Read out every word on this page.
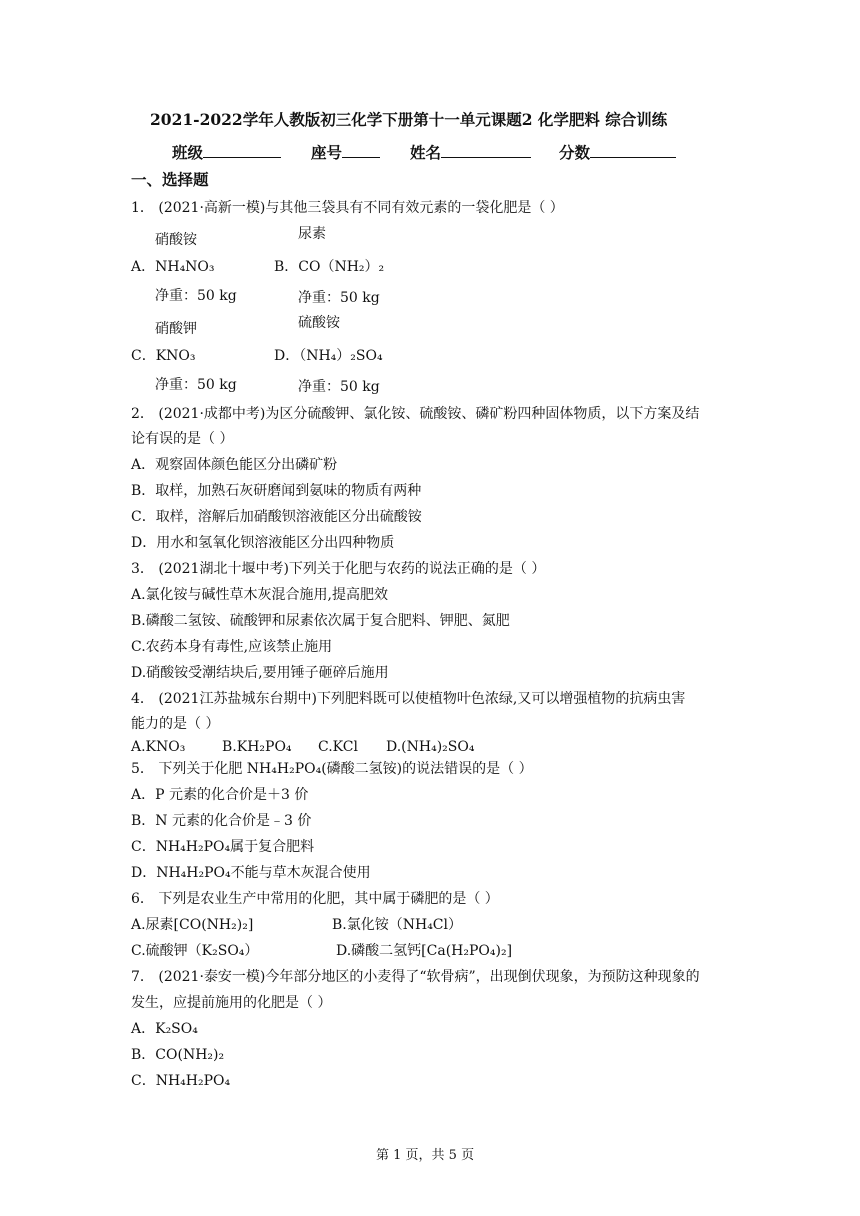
2021-2022学年人教版初三化学下册第十一单元课题2 化学肥料 综合训练
班级	座号	姓名	分数
一、选择题
1． (2021·高新一模)与其他三袋具有不同有效元素的一袋化肥是（ ）
硝酸铵	尿素
A．NH₄NO₃	B．CO（NH₂）₂
净重：50 kg	净重：50 kg
硝酸钾	硫酸铵
C．KNO₃	D．（NH₄）₂SO₄
净重：50 kg	净重：50 kg
2． (2021·成都中考)为区分硫酸钾、氯化铵、硫酸铵、磷矿粉四种固体物质，以下方案及结
论有误的是（ ）
A．观察固体颜色能区分出磷矿粉
B．取样，加熟石灰研磨闻到氨味的物质有两种
C．取样，溶解后加硝酸钡溶液能区分出硫酸铵
D．用水和氢氧化钡溶液能区分出四种物质
3． (2021湖北十堰中考)下列关于化肥与农药的说法正确的是（ ）
A.氯化铵与碱性草木灰混合施用,提高肥效
B.磷酸二氢铵、硫酸钾和尿素依次属于复合肥料、钾肥、氮肥
C.农药本身有毒性,应该禁止施用
D.硝酸铵受潮结块后,要用锤子砸碎后施用
4． (2021江苏盐城东台期中)下列肥料既可以使植物叶色浓绿,又可以增强植物的抗病虫害
能力的是（ ）
A.KNO₃	B.KH₂PO₄ C.KCl D.(NH₄)₂SO₄
5． 下列关于化肥 NH₄H₂PO₄(磷酸二氢铵)的说法错误的是（ ）
A．P 元素的化合价是＋3 价
B．N 元素的化合价是﹣3 价
C．NH₄H₂PO₄属于复合肥料
D．NH₄H₂PO₄不能与草木灰混合使用
6． 下列是农业生产中常用的化肥，其中属于磷肥的是（ ）
A.尿素[CO(NH₂)₂]	B.氯化铵（NH₄Cl）
C.硫酸钾（K₂SO₄）	D.磷酸二氢钙[Ca(H₂PO₄)₂]
7． (2021·泰安一模)今年部分地区的小麦得了“软骨病”，出现倒伏现象，为预防这种现象的
发生，应提前施用的化肥是（ ）
A．K₂SO₄
B．CO(NH₂)₂
C．NH₄H₂PO₄
第 1 页，共 5 页
